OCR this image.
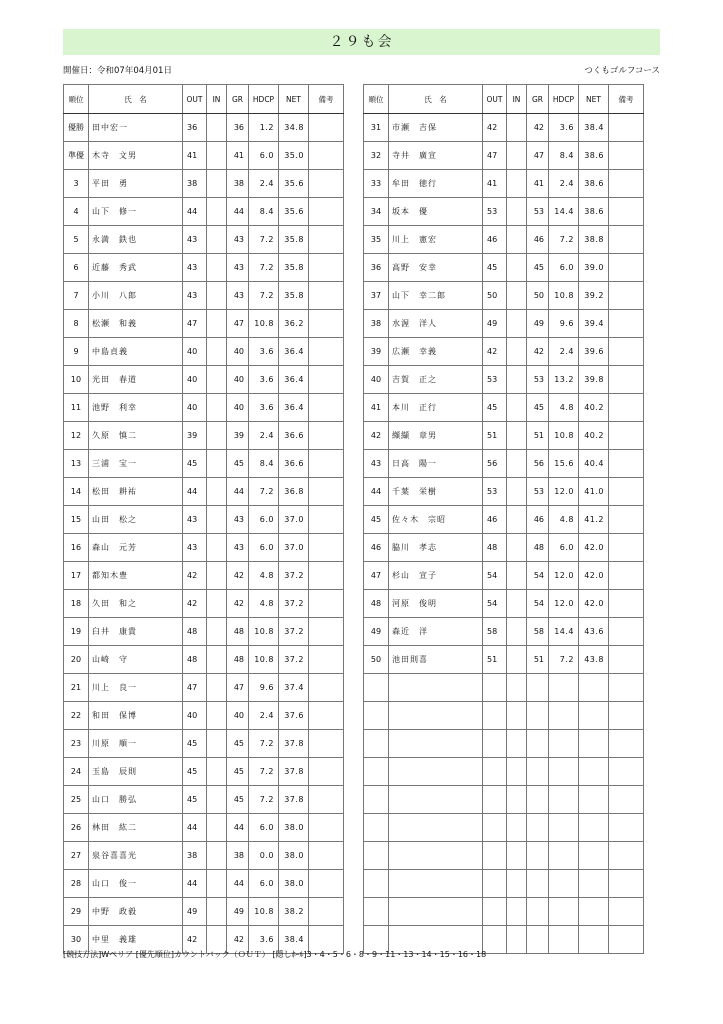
２９も会
開催日：令和07年04月01日	つくもゴルフコース
順位	氏　名	OUT	IN	GR	HDCP	NET	備考
優勝	田中宏一	36		36	1.2	34.8	
準優	木寺　文男	41		41	6.0	35.0	
3	平田　勇	38		38	2.4	35.6	
4	山下　修一	44		44	8.4	35.6	
5	永満　鉄也	43		43	7.2	35.8	
6	近藤　秀武	43		43	7.2	35.8	
7	小川　八郎	43		43	7.2	35.8	
8	松瀬　和義	47		47	10.8	36.2	
9	中島貞義	40		40	3.6	36.4	
10	光田　春道	40		40	3.6	36.4	
11	池野　利幸	40		40	3.6	36.4	
12	久原　慎二	39		39	2.4	36.6	
13	三浦　宝一	45		45	8.4	36.6	
14	松田　耕祐	44		44	7.2	36.8	
15	山田　松之	43		43	6.0	37.0	
16	森山　元芳	43		43	6.0	37.0	
17	都知木豊	42		42	4.8	37.2	
18	久田　和之	42		42	4.8	37.2	
19	臼井　康貴	48		48	10.8	37.2	
20	山崎　守	48		48	10.8	37.2	
21	川上　良一	47		47	9.6	37.4	
22	和田　保博	40		40	2.4	37.6	
23	川原　順一	45		45	7.2	37.8	
24	玉島　辰則	45		45	7.2	37.8	
25	山口　勝弘	45		45	7.2	37.8	
26	林田　紘二	44		44	6.0	38.0	
27	泉谷喜喜光	38		38	0.0	38.0	
28	山口　俊一	44		44	6.0	38.0	
29	中野　政毅	49		49	10.8	38.2	
30	中里　義雄	42		42	3.6	38.4	
順位	氏　名	OUT	IN	GR	HDCP	NET	備考
31	市瀬　吉保	42		42	3.6	38.4	
32	寺井　廣宣	47		47	8.4	38.6	
33	牟田　徳行	41		41	2.4	38.6	
34	坂本　優	53		53	14.4	38.6	
35	川上　憲宏	46		46	7.2	38.8	
36	高野　安幸	45		45	6.0	39.0	
37	山下　幸二郎	50		50	10.8	39.2	
38	水渥　洋人	49		49	9.6	39.4	
39	広瀬　幸義	42		42	2.4	39.6	
40	吉賀　正之	53		53	13.2	39.8	
41	本川　正行	45		45	4.8	40.2	
42	纐纈　章男	51		51	10.8	40.2	
43	日高　陽一	56		56	15.6	40.4	
44	千葉　栄樹	53		53	12.0	41.0	
45	佐々木　宗昭	46		46	4.8	41.2	
46	脇川　孝志	48		48	6.0	42.0	
47	杉山　宣子	54		54	12.0	42.0	
48	河原　俊明	54		54	12.0	42.0	
49	森近　洋	58		58	14.4	43.6	
50	池田則喜	51		51	7.2	43.8	

[競技方法]Wペリア [優先順位]カウントバック（ＯＵＴ） [隠しﾎｰﾙ]3・4・5・6・8・9・11・13・14・15・16・18
